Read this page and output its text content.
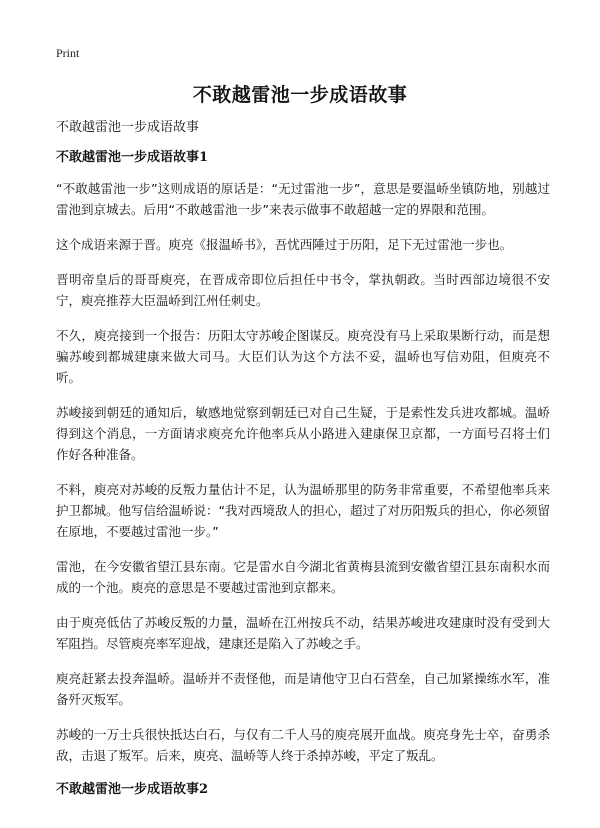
Print
不敢越雷池一步成语故事

不敢越雷池一步成语故事

不敢越雷池一步成语故事1

“不敢越雷池一步”这则成语的原话是：“无过雷池一步”，意思是要温峤坐镇防地，别越过雷池到京城去。后用“不敢越雷池一步”来表示做事不敢超越一定的界限和范围。

这个成语来源于晋。庾亮《报温峤书》，吾忧西陲过于历阳，足下无过雷池一步也。

晋明帝皇后的哥哥庾亮，在晋成帝即位后担任中书令，掌执朝政。当时西部边境很不安宁，庾亮推荐大臣温峤到江州任刺史。

不久，庾亮接到一个报告：历阳太守苏峻企图谋反。庾亮没有马上采取果断行动，而是想骗苏峻到都城建康来做大司马。大臣们认为这个方法不妥，温峤也写信劝阻，但庾亮不听。

苏峻接到朝廷的通知后，敏感地觉察到朝廷已对自己生疑，于是索性发兵进攻都城。温峤得到这个消息，一方面请求庾亮允许他率兵从小路进入建康保卫京都，一方面号召将士们作好各种准备。

不料，庾亮对苏峻的反叛力量估计不足，认为温峤那里的防务非常重要，不希望他率兵来护卫都城。他写信给温峤说：“我对西境敌人的担心，超过了对历阳叛兵的担心，你必须留在原地，不要越过雷池一步。”

雷池，在今安徽省望江县东南。它是雷水自今湖北省黄梅县流到安徽省望江县东南积水而成的一个池。庾亮的意思是不要越过雷池到京都来。

由于庾亮低估了苏峻反叛的力量，温峤在江州按兵不动，结果苏峻进攻建康时没有受到大军阻挡。尽管庾亮率军迎战，建康还是陷入了苏峻之手。

庾亮赶紧去投奔温峤。温峤并不责怪他，而是请他守卫白石营垒，自己加紧操练水军，准备歼灭叛军。

苏峻的一万士兵很快抵达白石，与仅有二千人马的庾亮展开血战。庾亮身先士卒，奋勇杀敌，击退了叛军。后来，庾亮、温峤等人终于杀掉苏峻，平定了叛乱。

不敢越雷池一步成语故事2
